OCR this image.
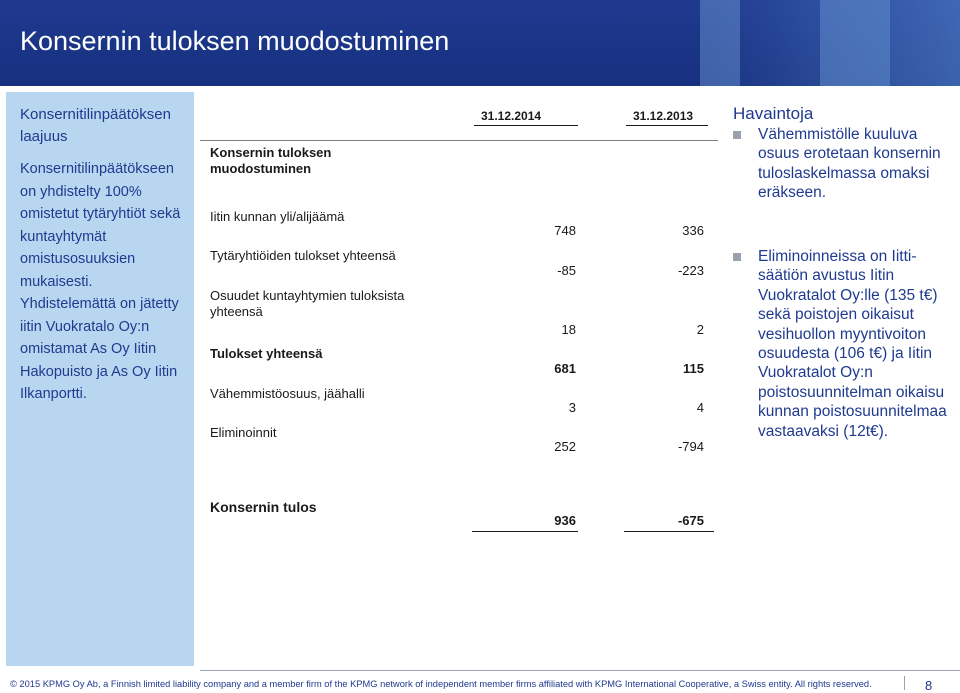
Konsernin tuloksen muodostuminen
Konsernitilinpäätöksen laajuus
Konsernitilinpäätökseen on yhdistelty 100% omistetut tytäryhtiöt sekä kuntayhtymät omistusosuuksien mukaisesti. Yhdistelemättä on jätetty iitin Vuokratalo Oy:n omistamat As Oy Iitin Hakopuisto ja As Oy Iitin Ilkanportti.
31.12.2014	31.12.2013
Konsernin tuloksen muodostuminen
Iitin kunnan yli/alijäämä
748	336
Tytäryhtiöiden tulokset yhteensä
-85	-223
Osuudet kuntayhtymien tuloksista yhteensä
18	2
Tulokset yhteensä
681	115
Vähemmistöosuus, jäähalli
3	4
Eliminoinnit
252	-794
Konsernin tulos
936	-675
Havaintoja
Vähemmistölle kuuluva osuus erotetaan konsernin tuloslaskelmassa omaksi eräkseen.
Eliminoinneissa on Iitti-säätiön avustus Iitin Vuokratalot Oy:lle (135 t€) sekä poistojen oikaisut vesihuollon myyntivoiton osuudesta (106 t€) ja Iitin Vuokratalot Oy:n poistosuunnitelman oikaisu kunnan poistosuunnitelmaa vastaavaksi (12t€).
© 2015 KPMG Oy Ab, a Finnish limited liability company and a member firm of the KPMG network of independent member firms affiliated with KPMG International Cooperative, a Swiss entity. All rights reserved.	8
